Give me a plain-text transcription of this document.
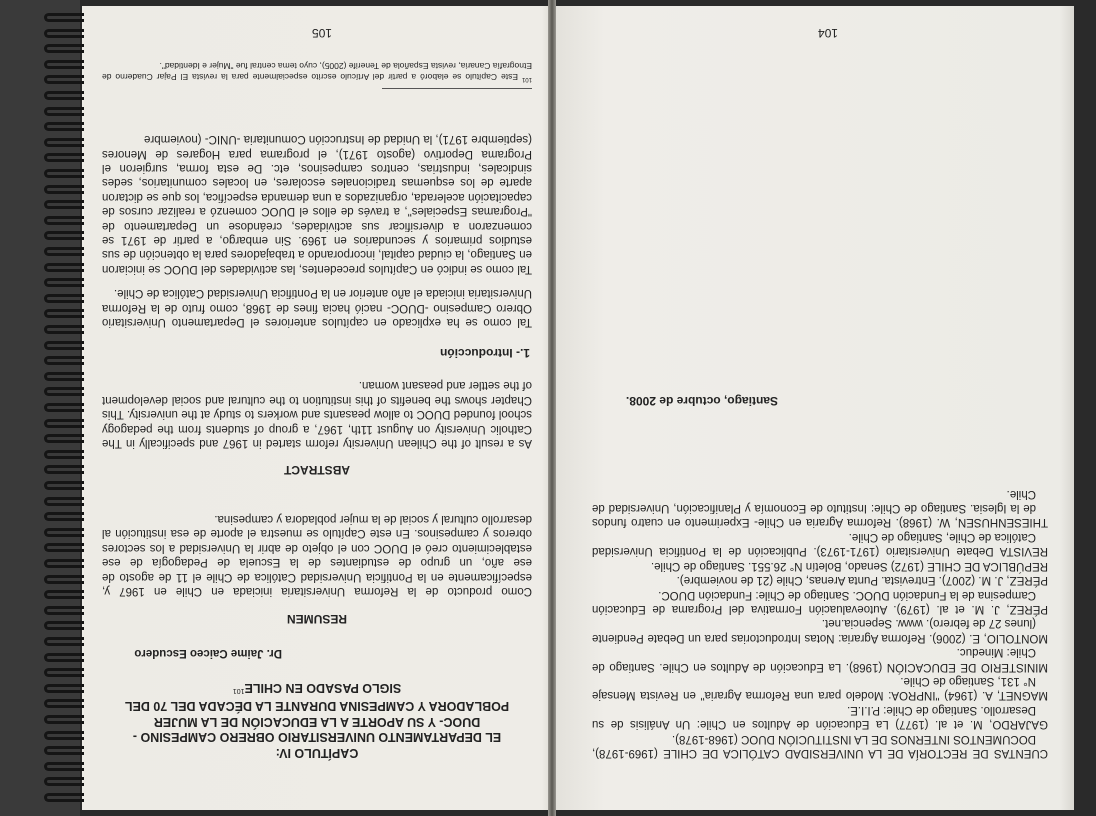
CUENTAS DE RECTORÍA DE LA UNIVERSIDAD CATÓLICA DE CHILE (1969-1978), DOCUMENTOS INTERNOS DE LA INSTITUCIÓN DUOC (1968-1978).

GAJARDO, M. et al. (1977) La Educación de Adultos en Chile: Un Análisis de su Desarrollo. Santiago de Chile: P.I.I.E.

MAGNET, A. (1964) "INPROA: Modelo para una Reforma Agraria" en Revista Mensaje N° 131, Santiago de Chile.

MINISTERIO DE EDUCACIÓN (1968). La Educación de Adultos en Chile. Santiago de Chile: Mineduc.

MONTOLIO, E. (2006). Reforma Agraria: Notas Introductorias para un Debate Pendiente (lunes 27 de febrero). www. Sepencia.net.

PÉREZ, J. M. et al. (1979). Autoevaluación Formativa del Programa de Educación Campesina de la Fundación DUOC. Santiago de Chile: Fundación DUOC.

PÉREZ, J. M. (2007). Entrevista. Punta Arenas, Chile (21 de noviembre).

REPÚBLICA DE CHILE (1972) Senado, Boletín N° 26.551. Santiago de Chile.

REVISTA Debate Universitario (1971-1973). Publicación de la Pontificia Universidad Católica de Chile, Santiago de Chile.

THIESENHUSEN, W. (1968). Reforma Agraria en Chile- Experimento en cuatro fundos de la Iglesia. Santiago de Chile: Instituto de Economía y Planificación, Universidad de Chile.

Santiago, octubre de 2008.
104
CAPÍTULO IV:
EL DEPARTAMENTO UNIVERSITARIO OBRERO CAMPESINO -
DUOC- Y SU APORTE A LA EDUCACIÓN DE LA MUJER
POBLADORA Y CAMPESINA DURANTE LA DÉCADA DEL 70 DEL
SIGLO PASADO EN CHILE$^{101}$
Dr. Jaime Caiceo Escudero
RESUMEN
Como producto de la Reforma Universitaria iniciada en Chile en 1967 y, específicamente en la Pontificia Universidad Católica de Chile el 11 de agosto de ese año, un grupo de estudiantes de la Escuela de Pedagogía de ese establecimiento creó el DUOC con el objeto de abrir la Universidad a los sectores obreros y campesinos. En este Capítulo se muestra el aporte de esa institución al desarrollo cultural y social de la mujer pobladora y campesina.
ABSTRACT
As a result of the Chilean University reform started in 1967 and specifically in The Catholic University on August 11th, 1967, a group of students from the pedagogy school founded DUOC to allow peasants and workers to study at the university. This Chapter shows the benefits of this institution to the cultural and social development of the settler and peasant woman.
1.- Introducción

Tal como se ha explicado en capítulos anteriores el Departamento Universitario Obrero Campesino -DUOC- nació hacia fines de 1968, como fruto de la Reforma Universitaria iniciada el año anterior en la Pontificia Universidad Católica de Chile.

Tal como se indicó en Capítulos precedentes, las actividades del DUOC se iniciaron en Santiago, la ciudad capital, incorporando a trabajadores para la obtención de sus estudios primarios y secundarios en 1969. Sin embargo, a partir de 1971 se comenzaron a diversificar sus actividades, creándose un Departamento de "Programas Especiales", a través de ellos el DUOC comenzó a realizar cursos de capacitación acelerada, organizados a una demanda específica, los que se dictaron aparte de los esquemas tradicionales escolares, en locales comunitarios, sedes sindicales, industrias, centros campesinos, etc. De esta forma, surgieron el Programa Deportivo (agosto 1971), el programa para Hogares de Menores (septiembre 1971), la Unidad de Instrucción Comunitaria -UNIC- (noviembre

$^{101}$ Este Capítulo se elaboró a partir del Artículo escrito especialmente para la revista El Pajar Cuaderno de Etnografía Canaria, revista Española de Tenerife (2005), cuyo tema central fue "Mujer e Identidad".
105
